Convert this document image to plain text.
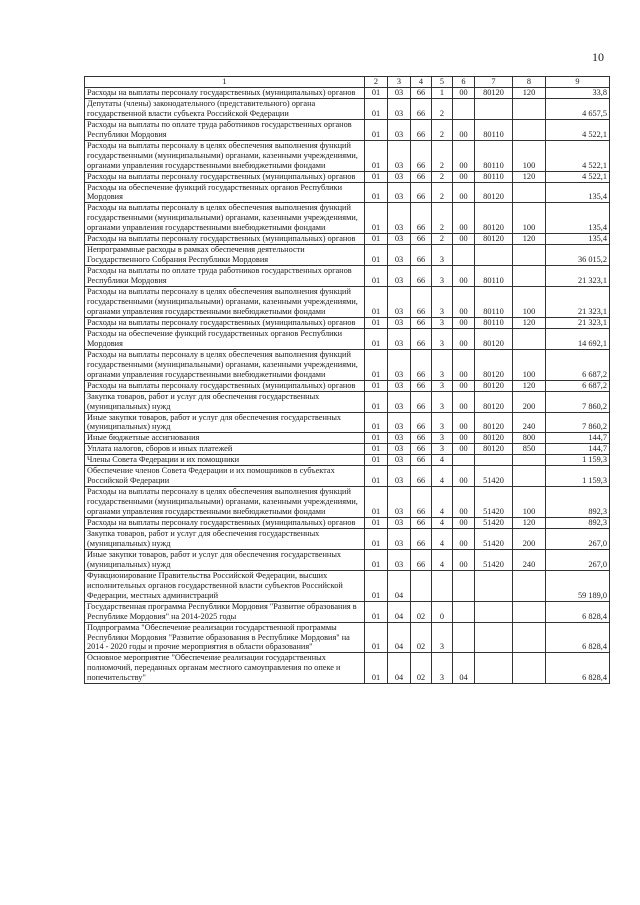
10
1	2	3	4	5	6	7	8	9
Расходы на выплаты персоналу государственных (муниципальных) органов	01	03	66	1	00	80120	120	33,8
Депутаты (члены) законодательного (представительного) органа государственной власти субъекта Российской Федерации	01	03	66	2				4 657,5
Расходы на выплаты по оплате труда работников государственных органов Республики Мордовия	01	03	66	2	00	80110		4 522,1
Расходы на выплаты персоналу в целях обеспечения выполнения функций государственными (муниципальными) органами, казенными учреждениями, органами управления государственными внебюджетными фондами	01	03	66	2	00	80110	100	4 522,1
Расходы на выплаты персоналу государственных (муниципальных) органов	01	03	66	2	00	80110	120	4 522,1
Расходы на обеспечение функций государственных органов Республики Мордовия	01	03	66	2	00	80120		135,4
Расходы на выплаты персоналу в целях обеспечения выполнения функций государственными (муниципальными) органами, казенными учреждениями, органами управления государственными внебюджетными фондами	01	03	66	2	00	80120	100	135,4
Расходы на выплаты персоналу государственных (муниципальных) органов	01	03	66	2	00	80120	120	135,4
Непрограммные расходы в рамках обеспечения деятельности Государственного Собрания Республики Мордовия	01	03	66	3				36 015,2
Расходы на выплаты по оплате труда работников государственных органов Республики Мордовия	01	03	66	3	00	80110		21 323,1
Расходы на выплаты персоналу в целях обеспечения выполнения функций государственными (муниципальными) органами, казенными учреждениями, органами управления государственными внебюджетными фондами	01	03	66	3	00	80110	100	21 323,1
Расходы на выплаты персоналу государственных (муниципальных) органов	01	03	66	3	00	80110	120	21 323,1
Расходы на обеспечение функций государственных органов Республики Мордовия	01	03	66	3	00	80120		14 692,1
Расходы на выплаты персоналу в целях обеспечения выполнения функций государственными (муниципальными) органами, казенными учреждениями, органами управления государственными внебюджетными фондами	01	03	66	3	00	80120	100	6 687,2
Расходы на выплаты персоналу государственных (муниципальных) органов	01	03	66	3	00	80120	120	6 687,2
Закупка товаров, работ и услуг для обеспечения государственных (муниципальных) нужд	01	03	66	3	00	80120	200	7 860,2
Иные закупки товаров, работ и услуг для обеспечения государственных (муниципальных) нужд	01	03	66	3	00	80120	240	7 860,2
Иные бюджетные ассигнования	01	03	66	3	00	80120	800	144,7
Уплата налогов, сборов и иных платежей	01	03	66	3	00	80120	850	144,7
Члены Совета Федерации и их помощники	01	03	66	4				1 159,3
Обеспечение членов Совета Федерации и их помощников в субъектах Российской Федерации	01	03	66	4	00	51420		1 159,3
Расходы на выплаты персоналу в целях обеспечения выполнения функций государственными (муниципальными) органами, казенными учреждениями, органами управления государственными внебюджетными фондами	01	03	66	4	00	51420	100	892,3
Расходы на выплаты персоналу государственных (муниципальных) органов	01	03	66	4	00	51420	120	892,3
Закупка товаров, работ и услуг для обеспечения государственных (муниципальных) нужд	01	03	66	4	00	51420	200	267,0
Иные закупки товаров, работ и услуг для обеспечения государственных (муниципальных) нужд	01	03	66	4	00	51420	240	267,0
Функционирование Правительства Российской Федерации, высших исполнительных органов государственной власти субъектов Российской Федерации, местных администраций	01	04						59 189,0
Государственная программа Республики Мордовия "Развитие образования в Республике Мордовия" на 2014-2025 годы	01	04	02	0				6 828,4
Подпрограмма "Обеспечение реализации государственной программы Республики Мордовия "Развитие образования в Республике Мордовия" на 2014 - 2020 годы и прочие мероприятия в области образования"	01	04	02	3				6 828,4
Основное мероприятие "Обеспечение реализации государственных полномочий, переданных органам местного самоуправления по опеке и попечительству"	01	04	02	3	04			6 828,4
